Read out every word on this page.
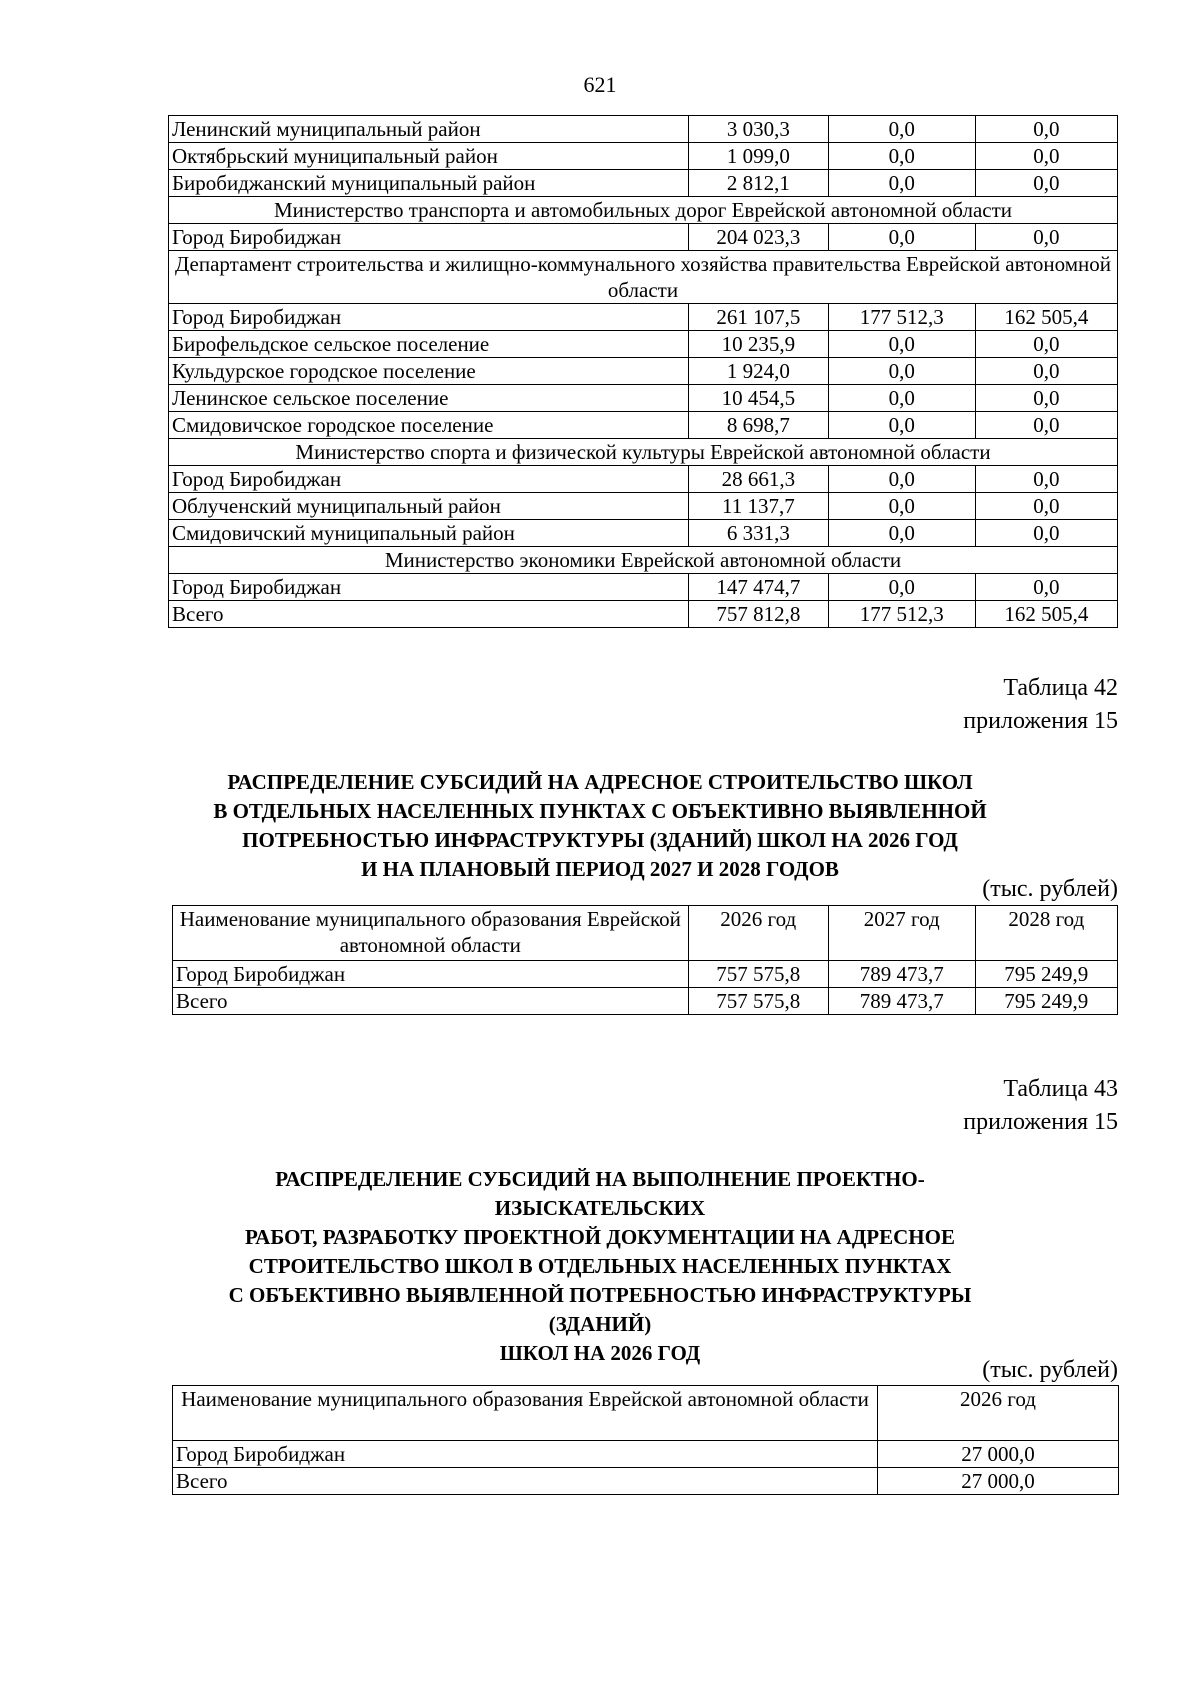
621
Ленинский муниципальный район	3 030,3	0,0	0,0
Октябрьский муниципальный район	1 099,0	0,0	0,0
Биробиджанский муниципальный район	2 812,1	0,0	0,0
Министерство транспорта и автомобильных дорог Еврейской автономной области			
Город Биробиджан	204 023,3	0,0	0,0
Департамент строительства и жилищно-коммунального хозяйства правительства Еврейской автономной области			
Город Биробиджан	261 107,5	177 512,3	162 505,4
Бирофельдское сельское поселение	10 235,9	0,0	0,0
Кульдурское городское поселение	1 924,0	0,0	0,0
Ленинское сельское поселение	10 454,5	0,0	0,0
Смидовичское городское поселение	8 698,7	0,0	0,0
Министерство спорта и физической культуры Еврейской автономной области			
Город Биробиджан	28 661,3	0,0	0,0
Облученский муниципальный район	11 137,7	0,0	0,0
Смидовичский муниципальный район	6 331,3	0,0	0,0
Министерство экономики Еврейской автономной области			
Город Биробиджан	147 474,7	0,0	0,0
Всего	757 812,8	177 512,3	162 505,4
Таблица 42
приложения 15
РАСПРЕДЕЛЕНИЕ СУБСИДИЙ НА АДРЕСНОЕ СТРОИТЕЛЬСТВО ШКОЛ
В ОТДЕЛЬНЫХ НАСЕЛЕННЫХ ПУНКТАХ С ОБЪЕКТИВНО ВЫЯВЛЕННОЙ
ПОТРЕБНОСТЬЮ ИНФРАСТРУКТУРЫ (ЗДАНИЙ) ШКОЛ НА 2026 ГОД
И НА ПЛАНОВЫЙ ПЕРИОД 2027 И 2028 ГОДОВ
(тыс. рублей)
Наименование муниципального образования Еврейской автономной области	2026 год	2027 год	2028 год
Город Биробиджан	757 575,8	789 473,7	795 249,9
Всего	757 575,8	789 473,7	795 249,9
Таблица 43
приложения 15
РАСПРЕДЕЛЕНИЕ СУБСИДИЙ НА ВЫПОЛНЕНИЕ ПРОЕКТНО-
ИЗЫСКАТЕЛЬСКИХ
РАБОТ, РАЗРАБОТКУ ПРОЕКТНОЙ ДОКУМЕНТАЦИИ НА АДРЕСНОЕ
СТРОИТЕЛЬСТВО ШКОЛ В ОТДЕЛЬНЫХ НАСЕЛЕННЫХ ПУНКТАХ
С ОБЪЕКТИВНО ВЫЯВЛЕННОЙ ПОТРЕБНОСТЬЮ ИНФРАСТРУКТУРЫ
(ЗДАНИЙ)
ШКОЛ НА 2026 ГОД
(тыс. рублей)
Наименование муниципального образования Еврейской автономной области	2026 год
Город Биробиджан	27 000,0
Всего	27 000,0
